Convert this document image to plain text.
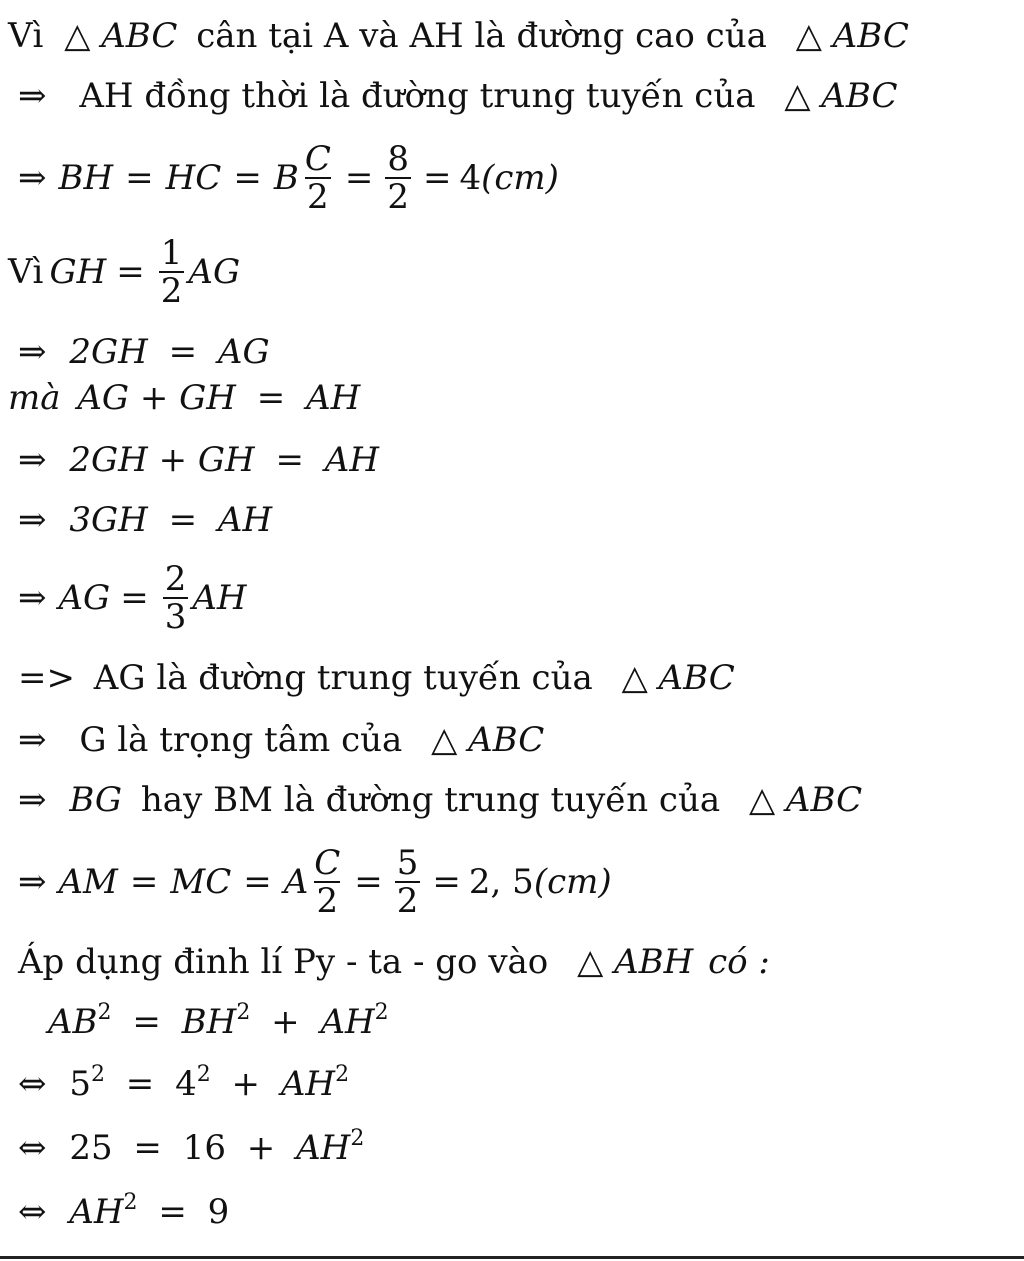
Vì △ ABC cân tại A và AH là đường cao của △ ABC
⇒ AH đồng thời là đường trung tuyến của △ ABC
⇒ BH = HC = B $\frac{C}{2} = \frac{8}{2} = 4$ (cm)
Vì GH = $\frac{1}{2}$ AG
⇒ 2GH = AG
mà AG + GH = AH
⇒ 2GH + GH = AH
⇒ 3GH = AH
⇒ AG = $\frac{2}{3}$ AH
=> AG là đường trung tuyến của △ ABC
⇒ G là trọng tâm của △ ABC
⇒ BG hay BM là đường trung tuyến của △ ABC
⇒ AM = MC = A $\frac{C}{2} = \frac{5}{2} = 2$, 5 (cm)
Áp dụng đinh lí Py - ta - go vào △ ABH có :
$AB^2 = BH^2 + AH^2$
⇔ $5^2 = 4^2 + AH^2$
⇔ $25 = 16 + AH^2$
⇔ $AH^2 = 9$
